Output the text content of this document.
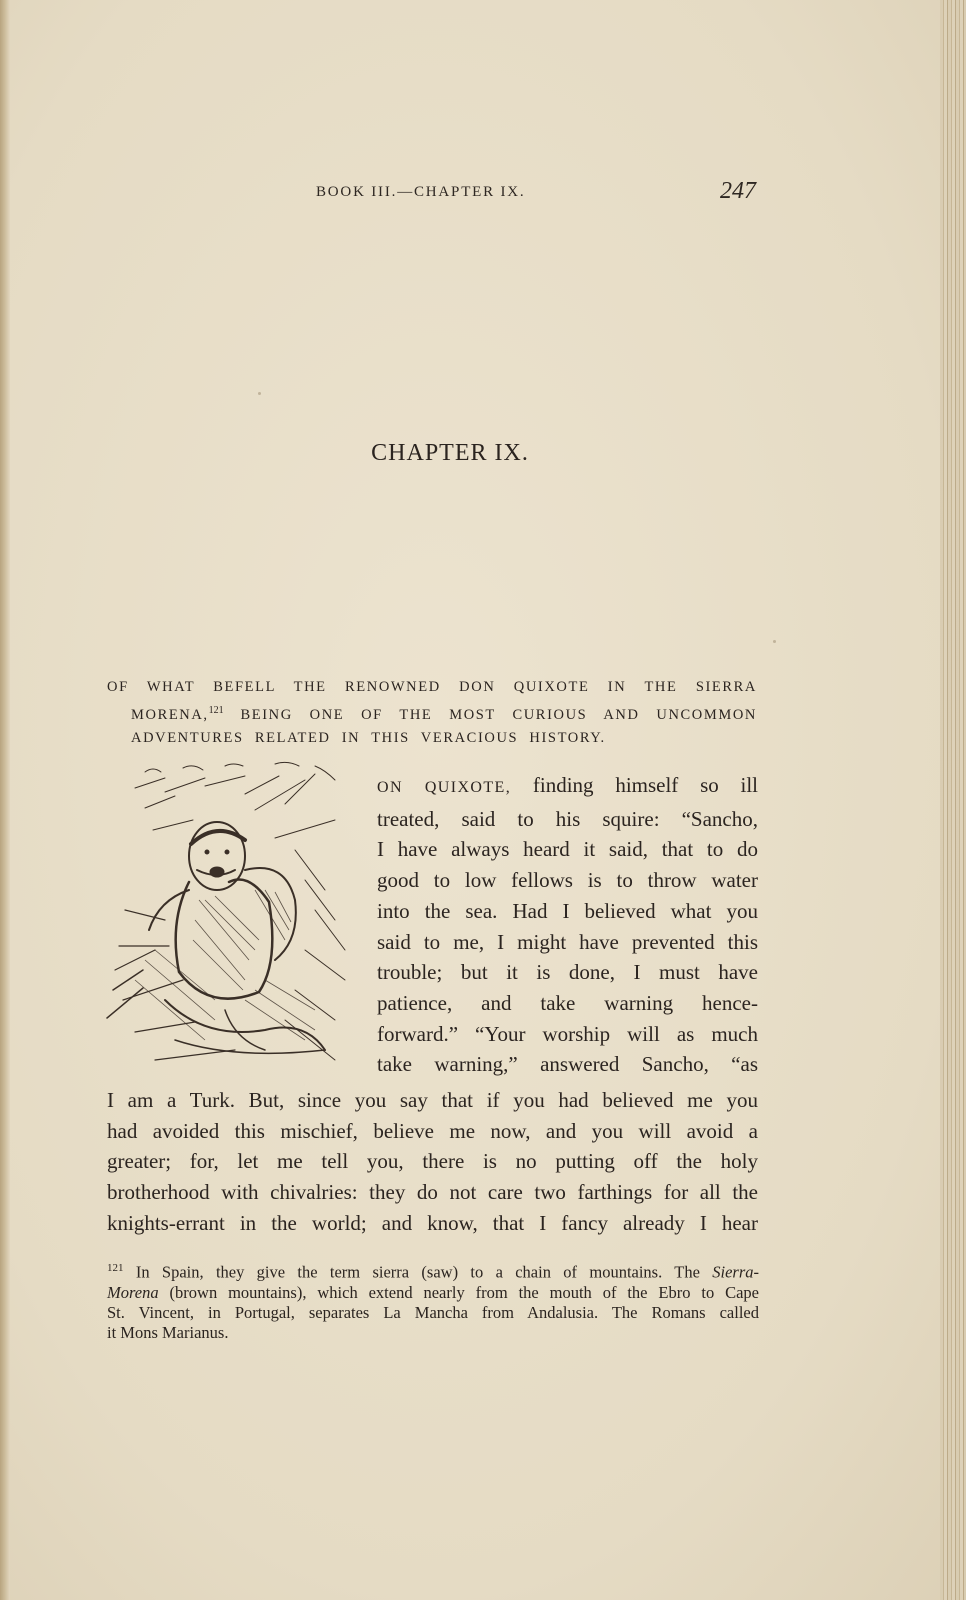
BOOK III.—CHAPTER IX.	247
CHAPTER IX.
OF WHAT BEFELL THE RENOWNED DON QUIXOTE IN THE SIERRA
MORENA,$^{121}$ BEING ONE OF THE MOST CURIOUS AND UNCOMMON
ADVENTURES RELATED IN THIS VERACIOUS HISTORY.
ON QUIXOTE, finding himself so ill
treated, said to his squire: “Sancho,
I have always heard it said, that to do
good to low fellows is to throw water
into the sea. Had I believed what you
said to me, I might have prevented this
trouble; but it is done, I must have
patience, and take warning hence-
forward.” “Your worship will as much
take warning,” answered Sancho, “as
I am a Turk. But, since you say that if you had believed me you
had avoided this mischief, believe me now, and you will avoid a
greater; for, let me tell you, there is no putting off the holy
brotherhood with chivalries: they do not care two farthings for all the
knights-errant in the world; and know, that I fancy already I hear
$^{121}$ In Spain, they give the term sierra (saw) to a chain of mountains. The Sierra-
Morena (brown mountains), which extend nearly from the mouth of the Ebro to Cape
St. Vincent, in Portugal, separates La Mancha from Andalusia. The Romans called
it Mons Marianus.
